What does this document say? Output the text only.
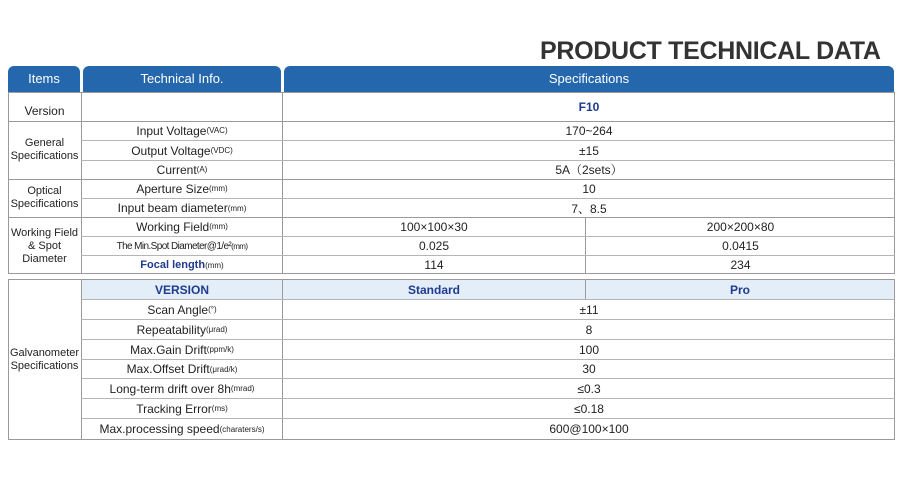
PRODUCT TECHNICAL DATA
Items	Technical Info.	Specifications
Version	F10
General Specifications
Input Voltage (VAC)	170~264
Output Voltage (VDC)	±15
Current (A)	5A（2sets）
Optical Specifications
Aperture Size (mm)	10
Input beam diameter (mm)	7、8.5
Working Field & Spot Diameter
Working Field (mm)	100×100×30	200×200×80
The Min.Spot Diameter@1/e² (mm)	0.025	0.0415
Focal length (mm)	114	234
Galvanometer Specifications
VERSION	Standard	Pro
Scan Angle (°)	±11
Repeatability (μrad)	8
Max.Gain Drift (ppm/k)	100
Max.Offset Drift (μrad/k)	30
Long-term drift over 8h (mrad)	≤0.3
Tracking Error (ms)	≤0.18
Max.processing speed (charaters/s)	600@100×100
